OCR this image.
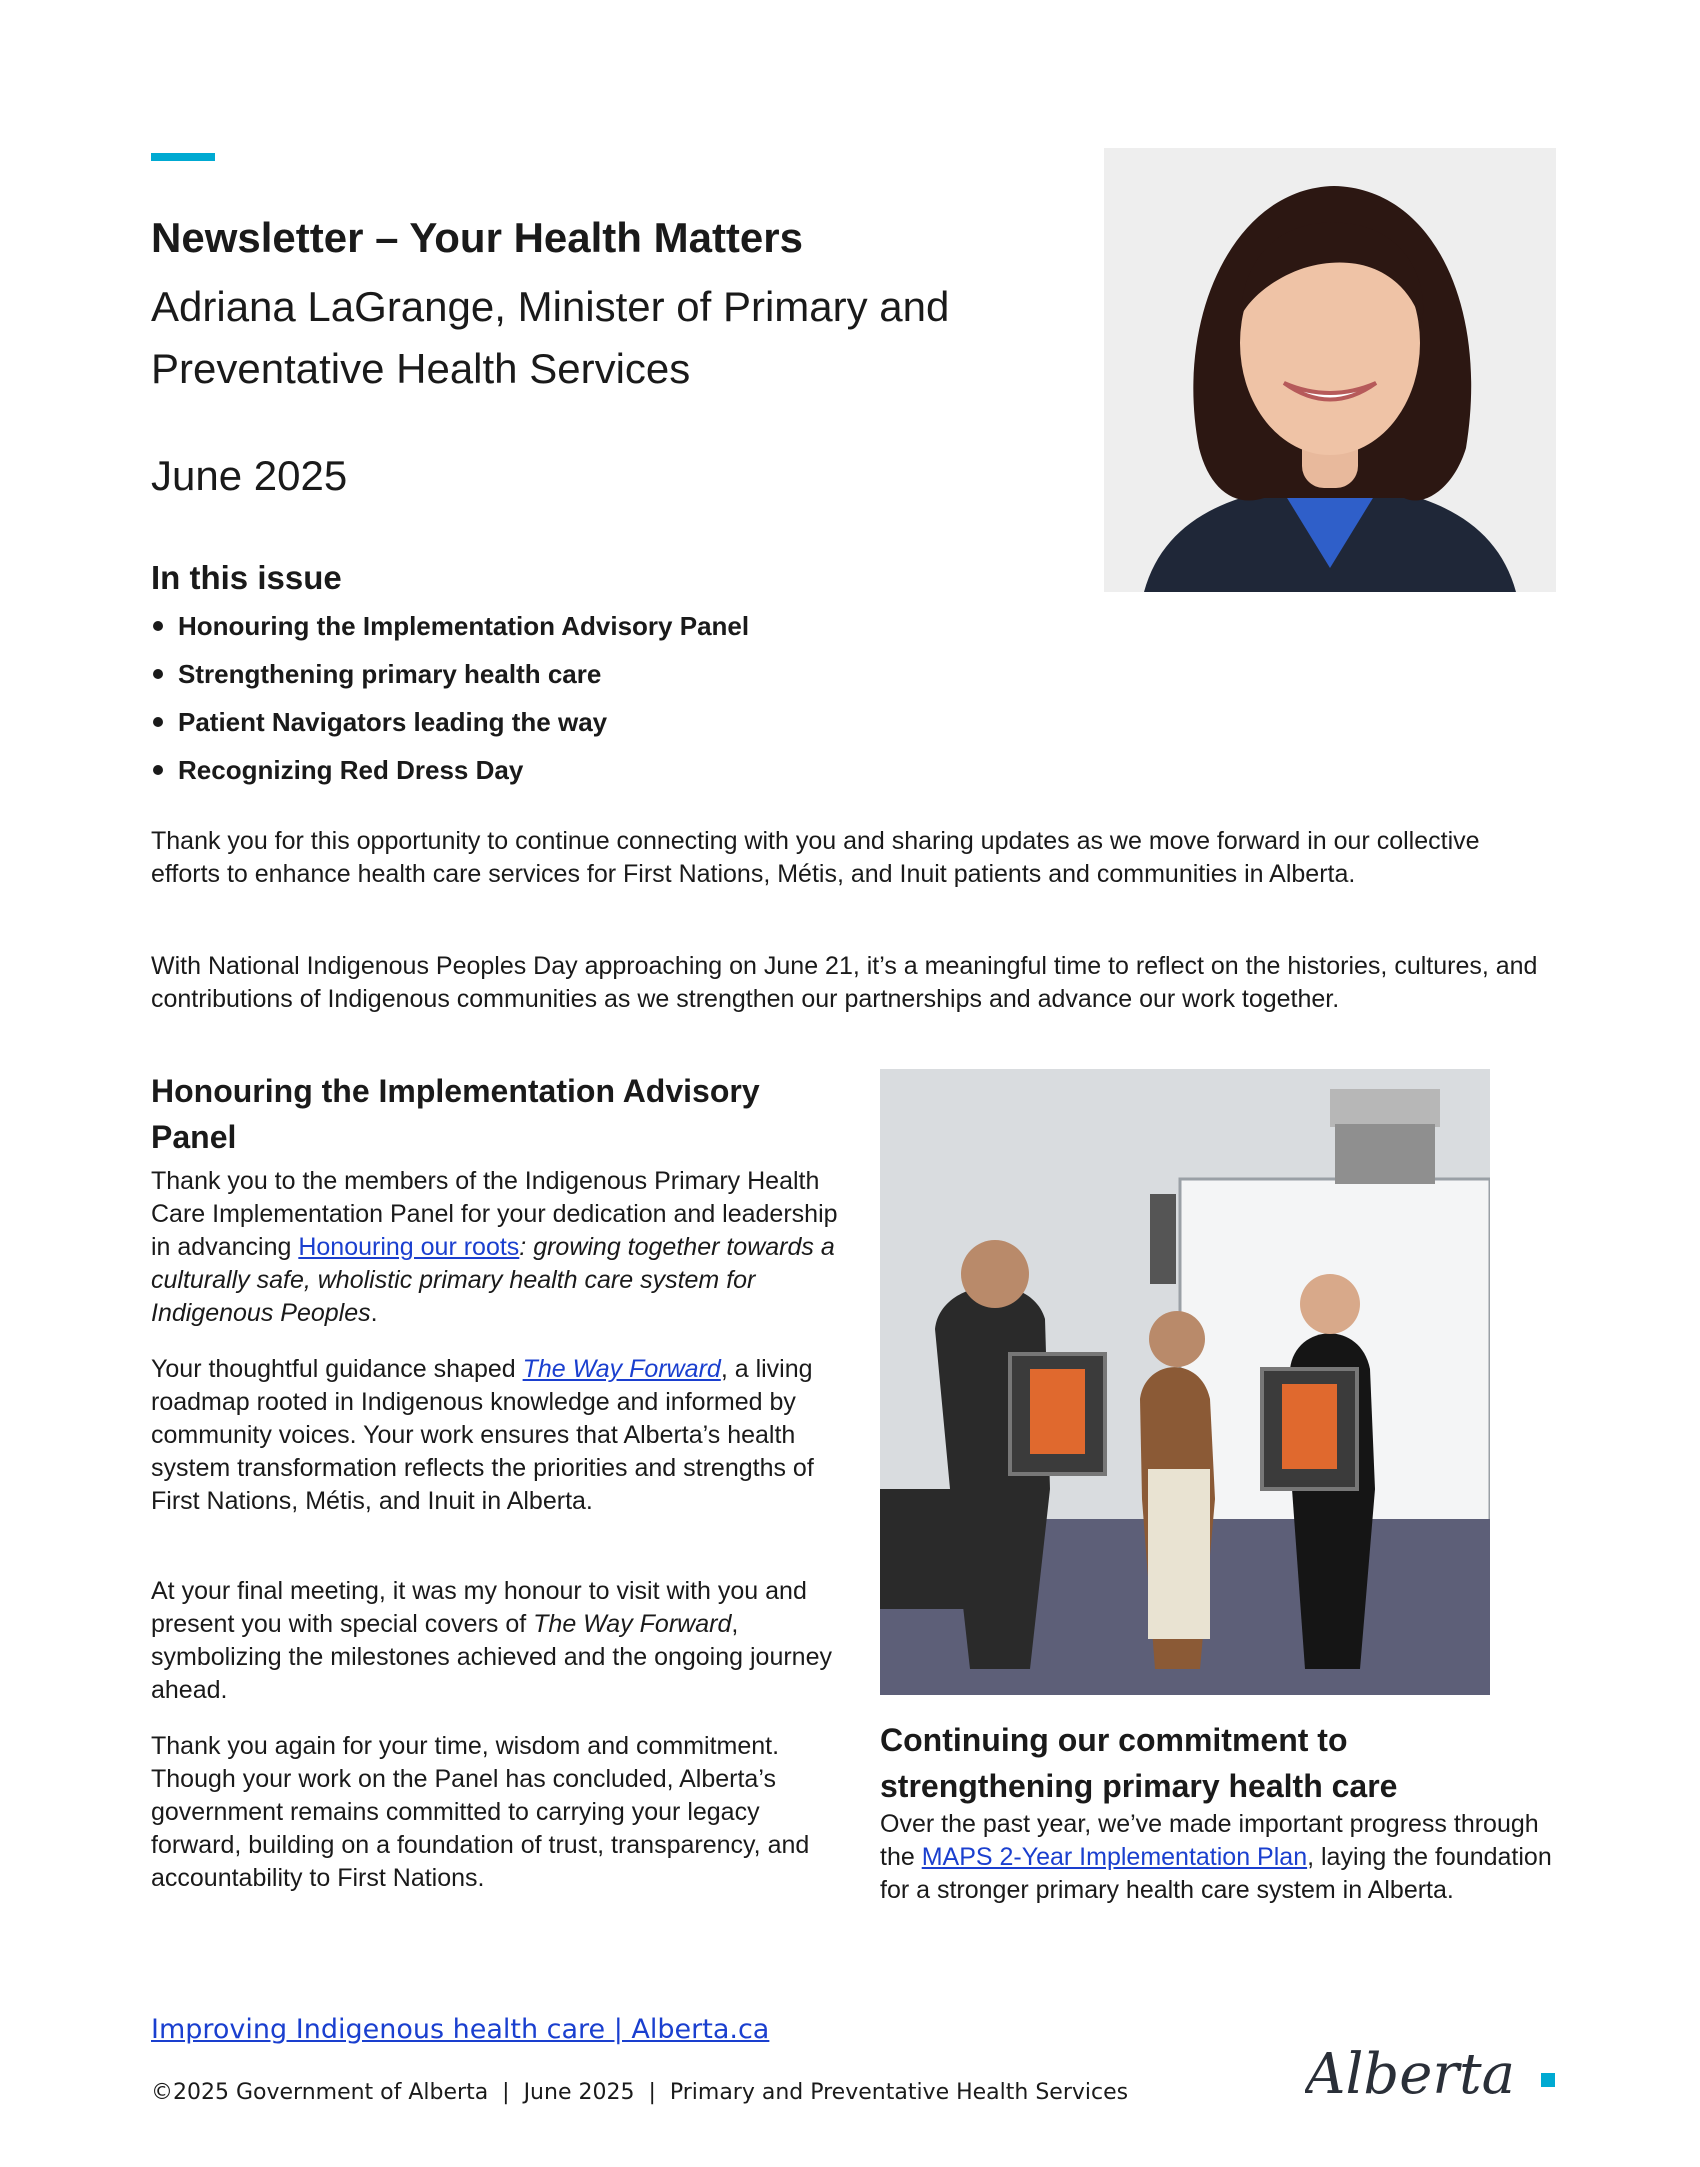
Newsletter – Your Health Matters
Adriana LaGrange, Minister of Primary and Preventative Health Services
June 2025
In this issue
Honouring the Implementation Advisory Panel
Strengthening primary health care
Patient Navigators leading the way
Recognizing Red Dress Day

Thank you for this opportunity to continue connecting with you and sharing updates as we move forward in our collective efforts to enhance health care services for First Nations, Métis, and Inuit patients and communities in Alberta.

With National Indigenous Peoples Day approaching on June 21, it’s a meaningful time to reflect on the histories, cultures, and contributions of Indigenous communities as we strengthen our partnerships and advance our work together.

Honouring the Implementation Advisory Panel

Thank you to the members of the Indigenous Primary Health Care Implementation Panel for your dedication and leadership in advancing Honouring our roots: growing together towards a culturally safe, wholistic primary health care system for Indigenous Peoples.

Your thoughtful guidance shaped The Way Forward, a living roadmap rooted in Indigenous knowledge and informed by community voices. Your work ensures that Alberta’s health system transformation reflects the priorities and strengths of First Nations, Métis, and Inuit in Alberta.

At your final meeting, it was my honour to visit with you and present you with special covers of The Way Forward, symbolizing the milestones achieved and the ongoing journey ahead.

Thank you again for your time, wisdom and commitment. Though your work on the Panel has concluded, Alberta’s government remains committed to carrying your legacy forward, building on a foundation of trust, transparency, and accountability to First Nations.

Continuing our commitment to strengthening primary health care

Over the past year, we’ve made important progress through the MAPS 2-Year Implementation Plan, laying the foundation for a stronger primary health care system in Alberta.

Improving Indigenous health care | Alberta.ca
©2025 Government of Alberta  |  June 2025  |  Primary and Preventative Health Services	Alberta
